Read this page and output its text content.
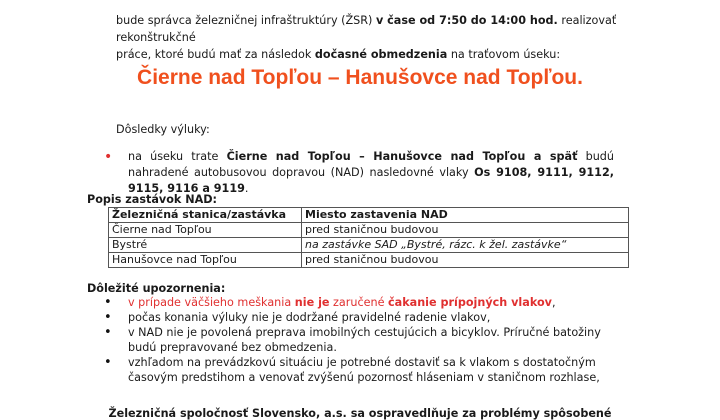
bude správca železničnej infraštruktúry (ŽSR) v čase od 7:50 do 14:00 hod. realizovať rekonštrukčné
práce, ktoré budú mať za následok dočasné obmedzenia na traťovom úseku:
Čierne nad Topľou – Hanušovce nad Topľou.
Dôsledky výluky:
• na úseku trate Čierne nad Topľou – Hanušovce nad Topľou a späť budú nahradené autobusovou dopravou (NAD) nasledovné vlaky Os 9108, 9111, 9112, 9115, 9116 a 9119.
Popis zastávok NAD:
Železničná stanica/zastávka	Miesto zastavenia NAD
Čierne nad Topľou	pred staničnou budovou
Bystré	na zastávke SAD „Bystré, rázc. k žel. zastávke“
Hanušovce nad Topľou	pred staničnou budovou
Dôležité upozornenia:
• v prípade väčšieho meškania nie je zaručené čakanie prípojných vlakov,
• počas konania výluky nie je dodržané pravidelné radenie vlakov,
• v NAD nie je povolená preprava imobilných cestujúcich a bicyklov. Príručné batožiny budú prepravované bez obmedzenia.
• vzhľadom na prevádzkovú situáciu je potrebné dostaviť sa k vlakom s dostatočným časovým predstihom a venovať zvýšenú pozornosť hláseniam v staničnom rozhlase,
Železničná spoločnosť Slovensko, a.s. sa ospravedlňuje za problémy spôsobené
